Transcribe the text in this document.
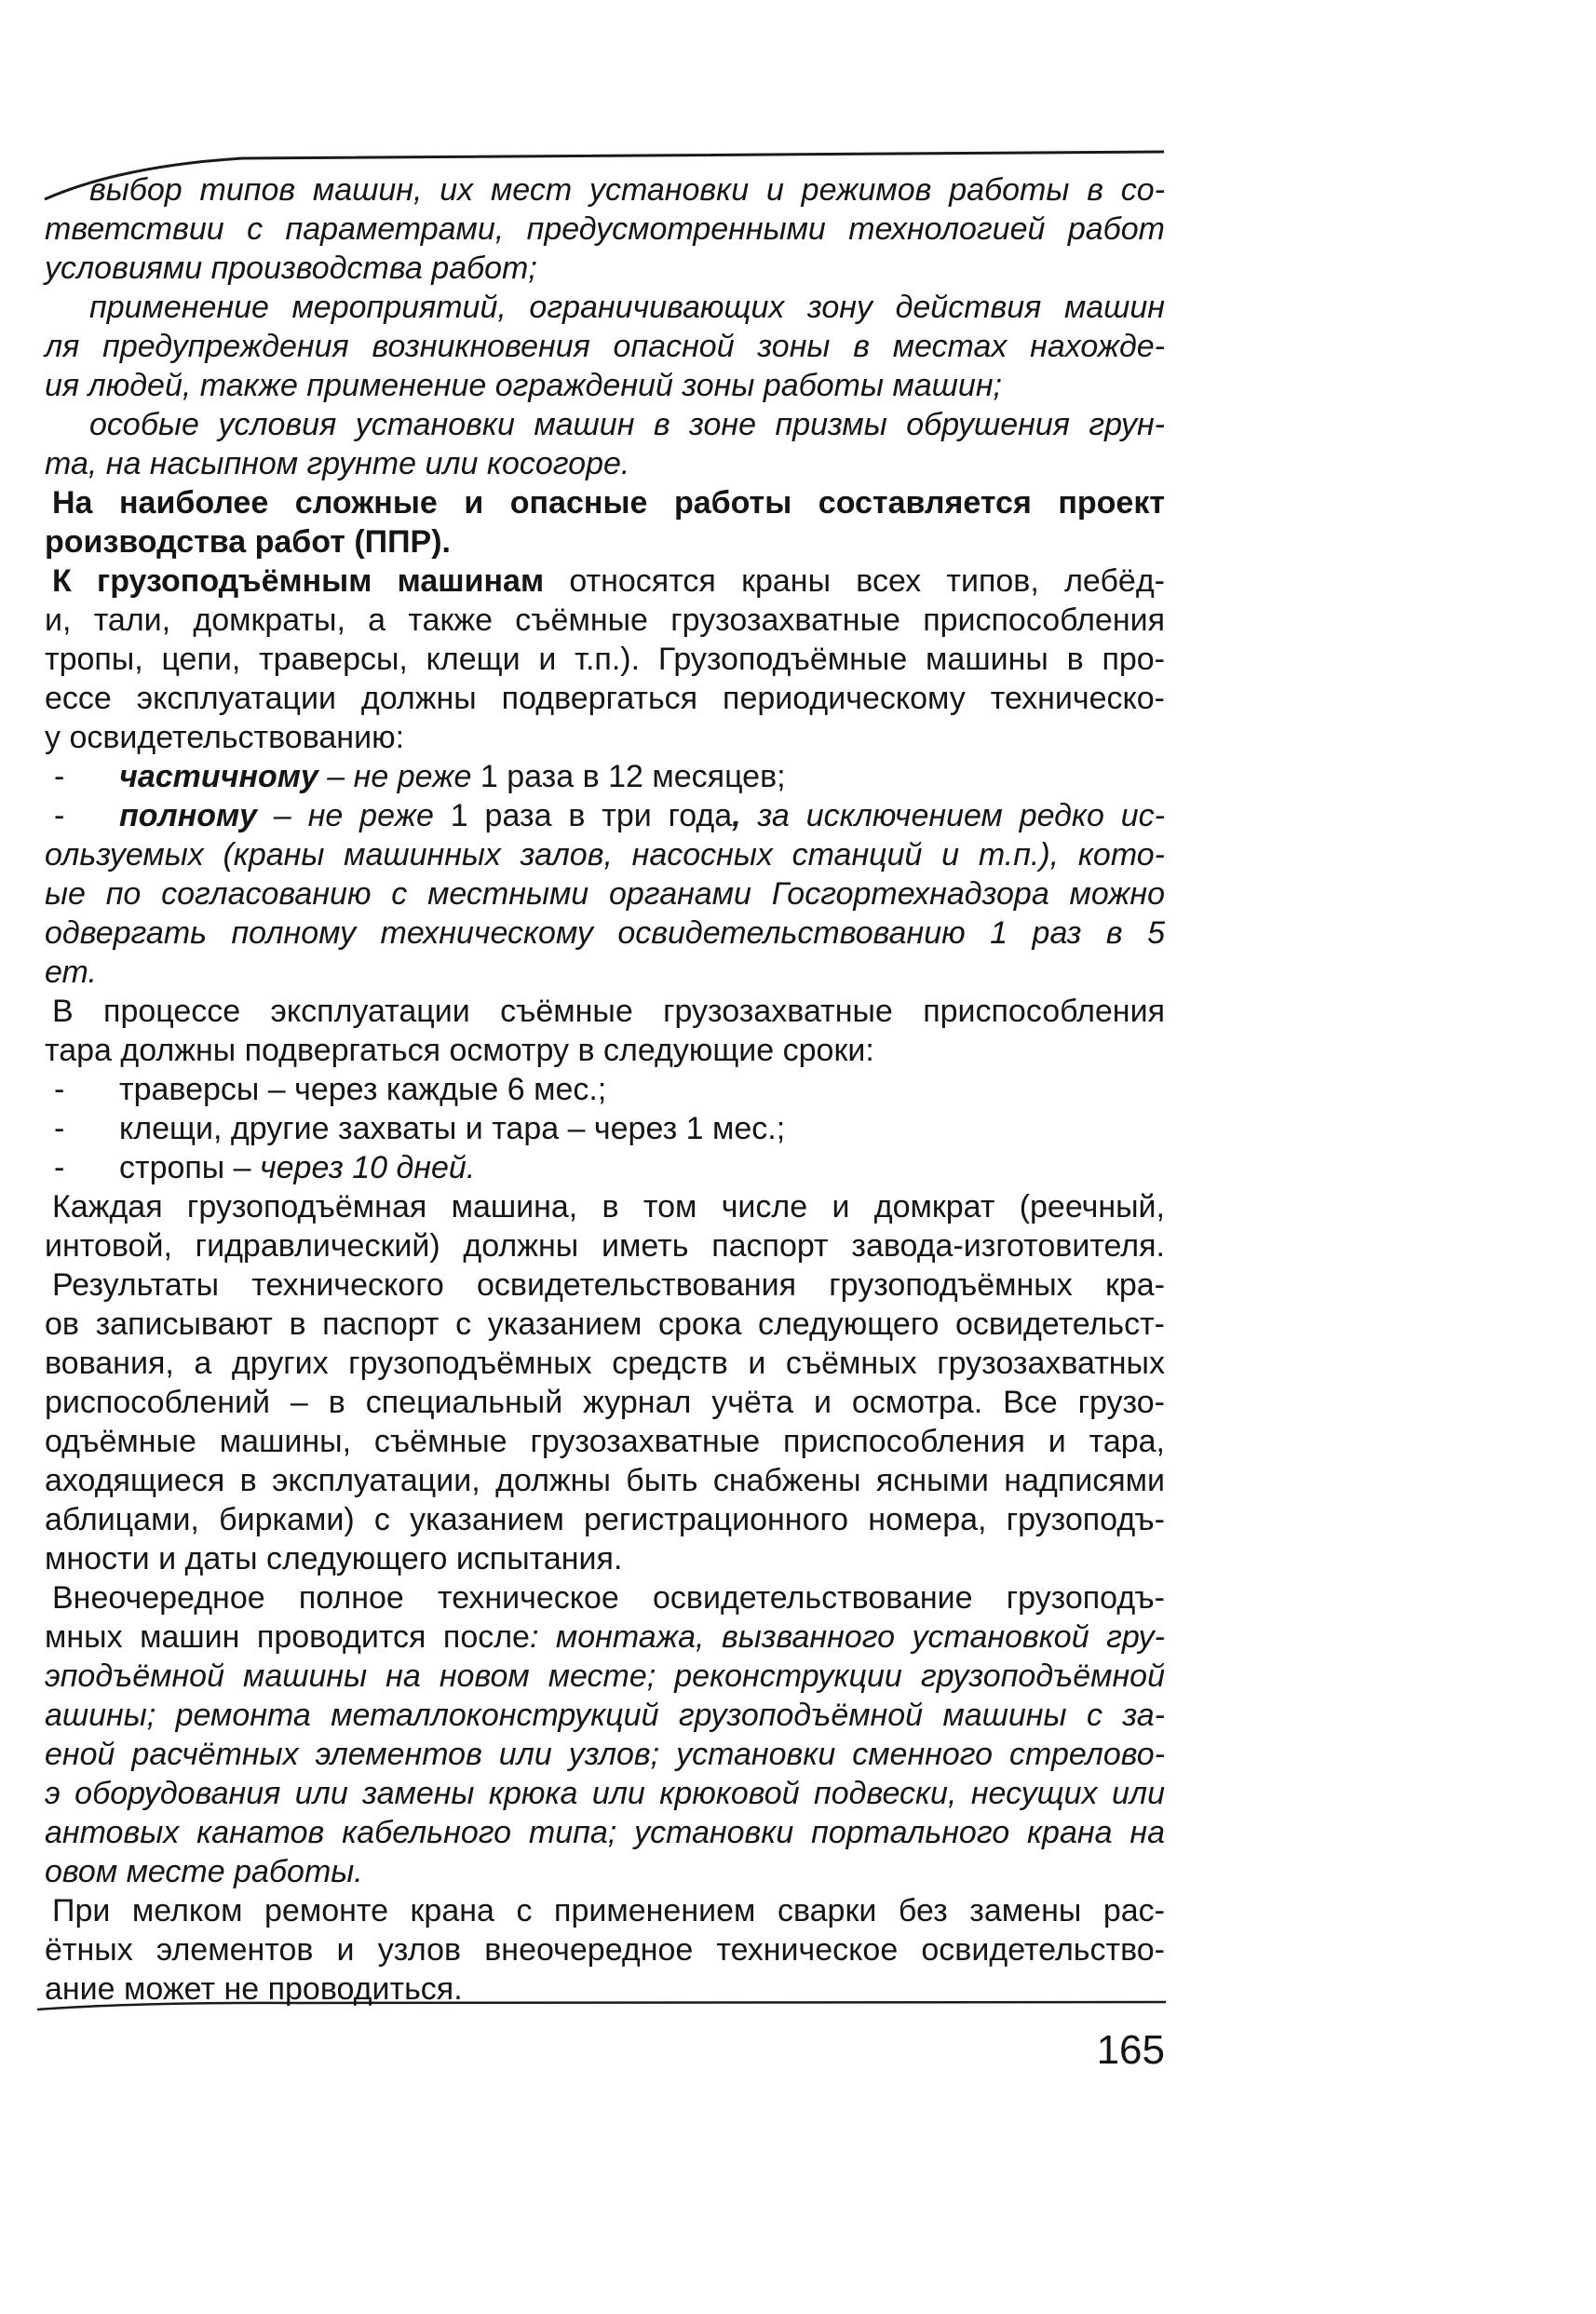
выбор типов машин, их мест установки и режимов работы в со-
тветствии с параметрами, предусмотренными технологией работ
условиями производства работ;
применение мероприятий, ограничивающих зону действия машин
ля предупреждения возникновения опасной зоны в местах нахожде-
ия людей, также применение ограждений зоны работы машин;
особые условия установки машин в зоне призмы обрушения грун-
та, на насыпном грунте или косогоре.
На наиболее сложные и опасные работы составляется проект
роизводства работ (ППР).
К грузоподъёмным машинам относятся краны всех типов, лебёд-
и, тали, домкраты, а также съёмные грузозахватные приспособления
тропы, цепи, траверсы, клещи и т.п.). Грузоподъёмные машины в про-
ессе эксплуатации должны подвергаться периодическому техническо-
у освидетельствованию:
- частичному – не реже 1 раза в 12 месяцев;
- полному – не реже 1 раза в три года, за исключением редко ис-
ользуемых (краны машинных залов, насосных станций и т.п.), кото-
ые по согласованию с местными органами Госгортехнадзора можно
одвергать полному техническому освидетельствованию 1 раз в 5
ет.
В процессе эксплуатации съёмные грузозахватные приспособления
тара должны подвергаться осмотру в следующие сроки:
- траверсы – через каждые 6 мес.;
- клещи, другие захваты и тара – через 1 мес.;
- стропы – через 10 дней.
Каждая грузоподъёмная машина, в том числе и домкрат (реечный,
интовой, гидравлический) должны иметь паспорт завода-изготовителя.
Результаты технического освидетельствования грузоподъёмных кра-
ов записывают в паспорт с указанием срока следующего освидетельст-
вования, а других грузоподъёмных средств и съёмных грузозахватных
риспособлений – в специальный журнал учёта и осмотра. Все грузо-
одъёмные машины, съёмные грузозахватные приспособления и тара,
аходящиеся в эксплуатации, должны быть снабжены ясными надписями
аблицами, бирками) с указанием регистрационного номера, грузоподъ-
мности и даты следующего испытания.
Внеочередное полное техническое освидетельствование грузоподъ-
мных машин проводится после: монтажа, вызванного установкой гру-
эподъёмной машины на новом месте; реконструкции грузоподъёмной
ашины; ремонта металлоконструкций грузоподъёмной машины с за-
еной расчётных элементов или узлов; установки сменного стрелово-
э оборудования или замены крюка или крюковой подвески, несущих или
антовых канатов кабельного типа; установки портального крана на
овом месте работы.
При мелком ремонте крана с применением сварки без замены рас-
ётных элементов и узлов внеочередное техническое освидетельство-
ание может не проводиться.
165
